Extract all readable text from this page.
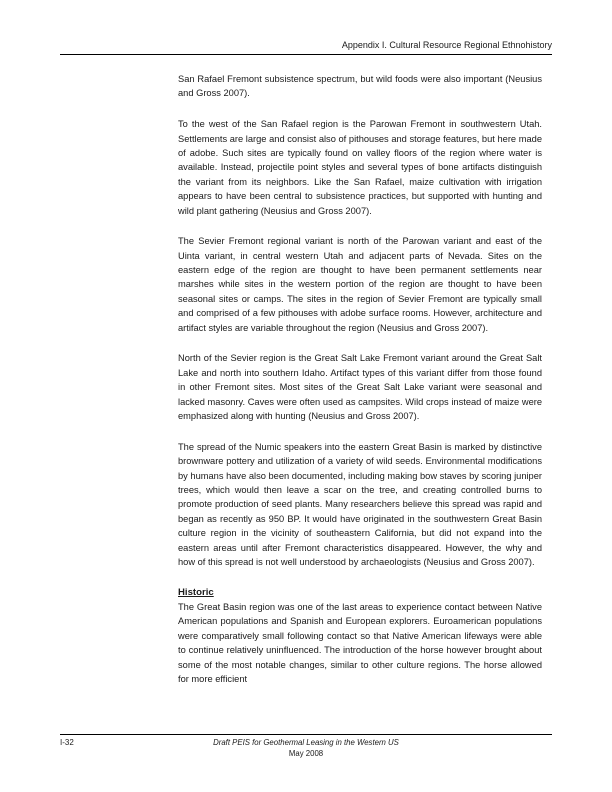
Appendix I. Cultural Resource Regional Ethnohistory

San Rafael Fremont subsistence spectrum, but wild foods were also important (Neusius and Gross 2007).

To the west of the San Rafael region is the Parowan Fremont in southwestern Utah. Settlements are large and consist also of pithouses and storage features, but here made of adobe. Such sites are typically found on valley floors of the region where water is available. Instead, projectile point styles and several types of bone artifacts distinguish the variant from its neighbors. Like the San Rafael, maize cultivation with irrigation appears to have been central to subsistence practices, but supported with hunting and wild plant gathering (Neusius and Gross 2007).

The Sevier Fremont regional variant is north of the Parowan variant and east of the Uinta variant, in central western Utah and adjacent parts of Nevada. Sites on the eastern edge of the region are thought to have been permanent settlements near marshes while sites in the western portion of the region are thought to have been seasonal sites or camps. The sites in the region of Sevier Fremont are typically small and comprised of a few pithouses with adobe surface rooms. However, architecture and artifact styles are variable throughout the region (Neusius and Gross 2007).

North of the Sevier region is the Great Salt Lake Fremont variant around the Great Salt Lake and north into southern Idaho. Artifact types of this variant differ from those found in other Fremont sites. Most sites of the Great Salt Lake variant were seasonal and lacked masonry. Caves were often used as campsites. Wild crops instead of maize were emphasized along with hunting (Neusius and Gross 2007).

The spread of the Numic speakers into the eastern Great Basin is marked by distinctive brownware pottery and utilization of a variety of wild seeds. Environmental modifications by humans have also been documented, including making bow staves by scoring juniper trees, which would then leave a scar on the tree, and creating controlled burns to promote production of seed plants. Many researchers believe this spread was rapid and began as recently as 950 BP. It would have originated in the southwestern Great Basin culture region in the vicinity of southeastern California, but did not expand into the eastern areas until after Fremont characteristics disappeared. However, the why and how of this spread is not well understood by archaeologists (Neusius and Gross 2007).

Historic

The Great Basin region was one of the last areas to experience contact between Native American populations and Spanish and European explorers. Euroamerican populations were comparatively small following contact so that Native American lifeways were able to continue relatively uninfluenced. The introduction of the horse however brought about some of the most notable changes, similar to other culture regions. The horse allowed for more efficient

I-32	Draft PEIS for Geothermal Leasing in the Western US
May 2008
